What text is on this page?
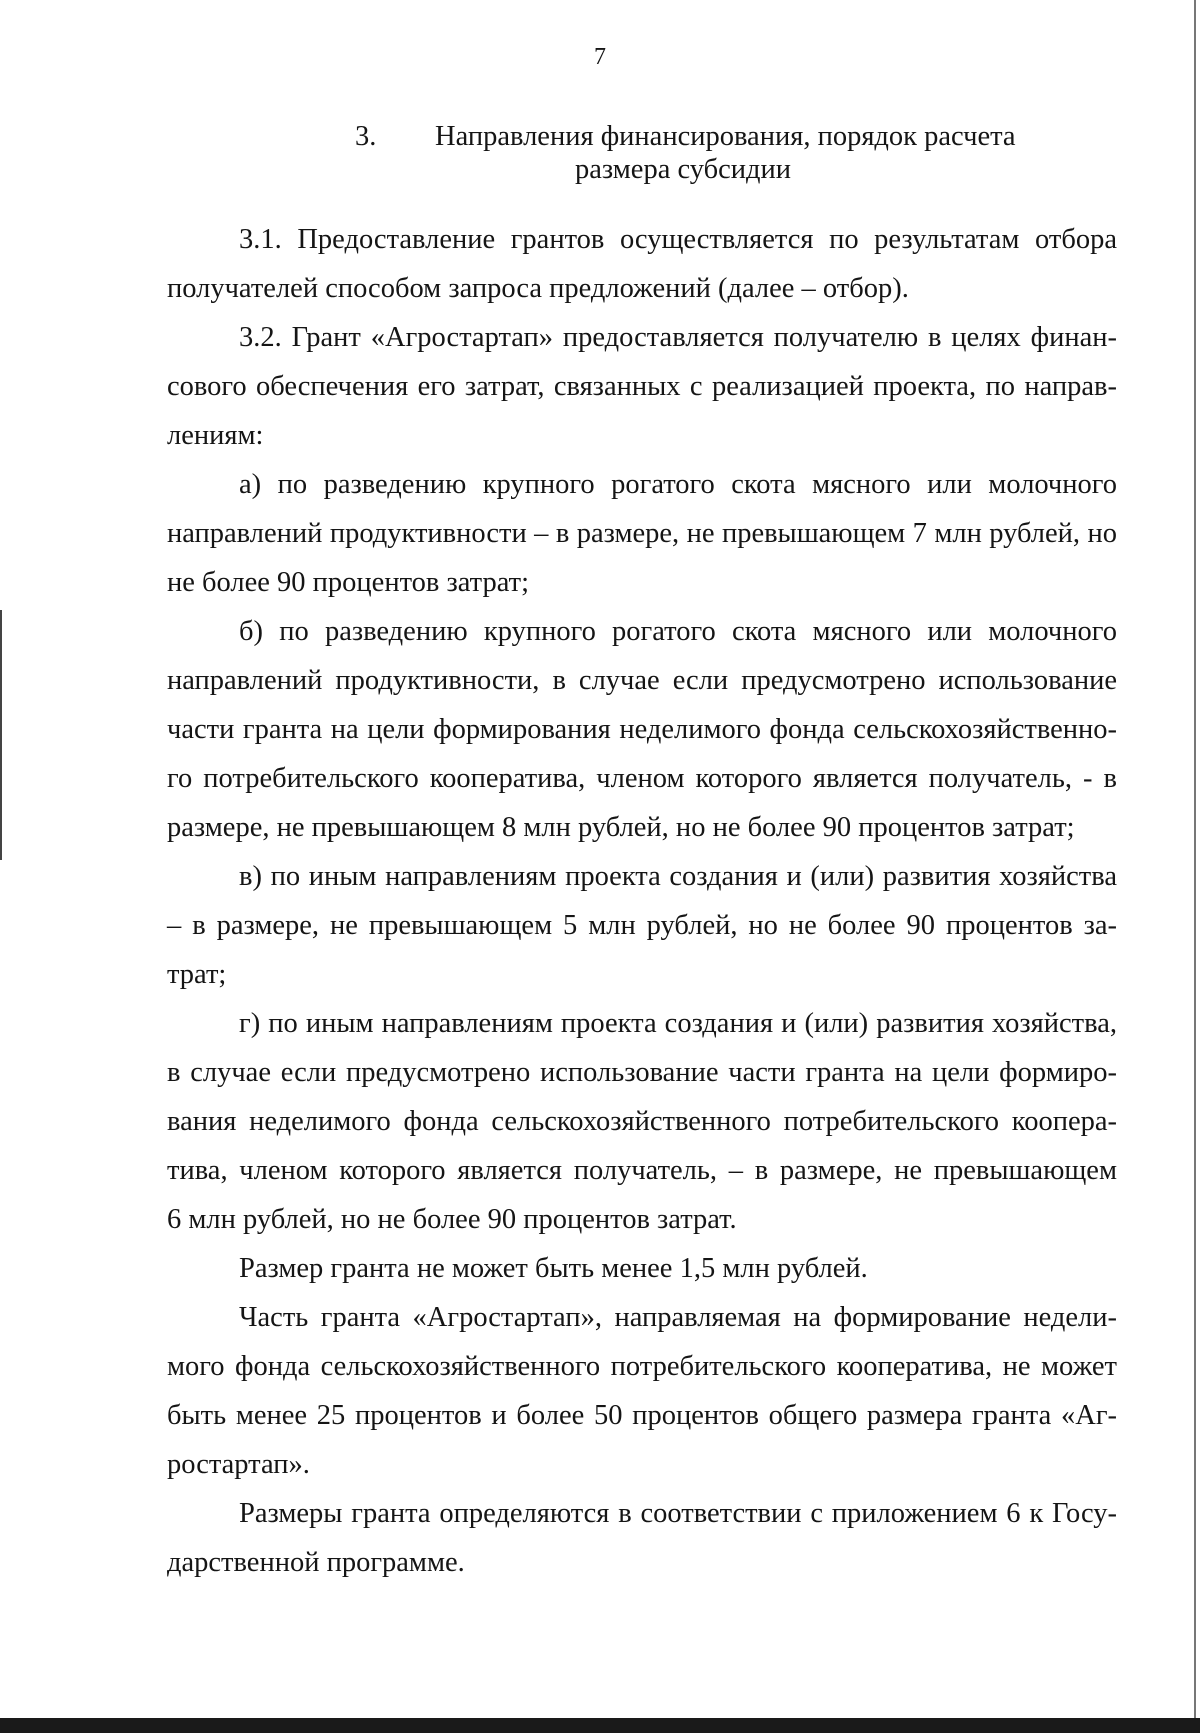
7
3. Направления финансирования, порядок расчета
размера субсидии
3.1. Предоставление грантов осуществляется по результатам отбора
получателей способом запроса предложений (далее – отбор).
3.2. Грант «Агростартап» предоставляется получателю в целях финан-
сового обеспечения его затрат, связанных с реализацией проекта, по направ-
лениям:
а) по разведению крупного рогатого скота мясного или молочного
направлений продуктивности – в размере, не превышающем 7 млн рублей, но
не более 90 процентов затрат;
б) по разведению крупного рогатого скота мясного или молочного
направлений продуктивности, в случае если предусмотрено использование
части гранта на цели формирования неделимого фонда сельскохозяйственно-
го потребительского кооператива, членом которого является получатель, - в
размере, не превышающем 8 млн рублей, но не более 90 процентов затрат;
в) по иным направлениям проекта создания и (или) развития хозяйства
– в размере, не превышающем 5 млн рублей, но не более 90 процентов за-
трат;
г) по иным направлениям проекта создания и (или) развития хозяйства,
в случае если предусмотрено использование части гранта на цели формиро-
вания неделимого фонда сельскохозяйственного потребительского коопера-
тива, членом которого является получатель, – в размере, не превышающем
6 млн рублей, но не более 90 процентов затрат.
Размер гранта не может быть менее 1,5 млн рублей.
Часть гранта «Агростартап», направляемая на формирование недели-
мого фонда сельскохозяйственного потребительского кооператива, не может
быть менее 25 процентов и более 50 процентов общего размера гранта «Аг-
ростартап».
Размеры гранта определяются в соответствии с приложением 6 к Госу-
дарственной программе.
